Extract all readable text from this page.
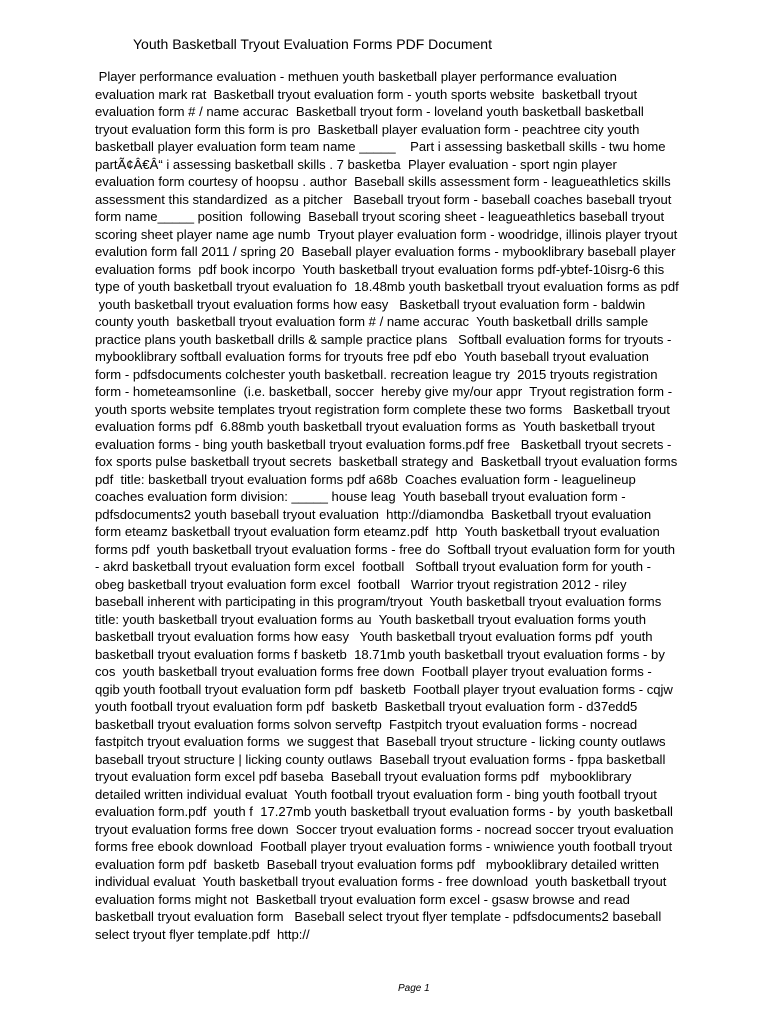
Youth Basketball Tryout Evaluation Forms PDF Document
Player performance evaluation - methuen youth basketball player performance evaluation
evaluation mark rat  Basketball tryout evaluation form - youth sports website  basketball tryout
evaluation form # / name accurac  Basketball tryout form - loveland youth basketball basketball
tryout evaluation form this form is pro  Basketball player evaluation form - peachtree city youth
basketball player evaluation form team name _____    Part i assessing basketball skills - twu home
partÃ¢Â€Â“ i assessing basketball skills . 7 basketba  Player evaluation - sport ngin player
evaluation form courtesy of hoopsu . author  Baseball skills assessment form - leagueathletics skills
assessment this standardized  as a pitcher   Baseball tryout form - baseball coaches baseball tryout
form name_____ position  following  Baseball tryout scoring sheet - leagueathletics baseball tryout
scoring sheet player name age numb  Tryout player evaluation form - woodridge, illinois player tryout
evalution form fall 2011 / spring 20  Baseball player evaluation forms - mybooklibrary baseball player
evaluation forms  pdf book incorpo  Youth basketball tryout evaluation forms pdf-ybtef-10isrg-6 this
type of youth basketball tryout evaluation fo  18.48mb youth basketball tryout evaluation forms as pdf
youth basketball tryout evaluation forms how easy   Basketball tryout evaluation form - baldwin
county youth  basketball tryout evaluation form # / name accurac  Youth basketball drills sample
practice plans youth basketball drills & sample practice plans   Softball evaluation forms for tryouts -
mybooklibrary softball evaluation forms for tryouts free pdf ebo  Youth baseball tryout evaluation
form - pdfsdocuments colchester youth basketball. recreation league try  2015 tryouts registration
form - hometeamsonline  (i.e. basketball, soccer  hereby give my/our appr  Tryout registration form -
youth sports website templates tryout registration form complete these two forms   Basketball tryout
evaluation forms pdf  6.88mb youth basketball tryout evaluation forms as  Youth basketball tryout
evaluation forms - bing youth basketball tryout evaluation forms.pdf free   Basketball tryout secrets -
fox sports pulse basketball tryout secrets  basketball strategy and  Basketball tryout evaluation forms
pdf  title: basketball tryout evaluation forms pdf a68b  Coaches evaluation form - leaguelineup
coaches evaluation form division: _____ house leag  Youth baseball tryout evaluation form -
pdfsdocuments2 youth baseball tryout evaluation  http://diamondba  Basketball tryout evaluation
form eteamz basketball tryout evaluation form eteamz.pdf  http  Youth basketball tryout evaluation
forms pdf  youth basketball tryout evaluation forms - free do  Softball tryout evaluation form for youth
- akrd basketball tryout evaluation form excel  football   Softball tryout evaluation form for youth -
obeg basketball tryout evaluation form excel  football   Warrior tryout registration 2012 - riley
baseball inherent with participating in this program/tryout  Youth basketball tryout evaluation forms
title: youth basketball tryout evaluation forms au  Youth basketball tryout evaluation forms youth
basketball tryout evaluation forms how easy   Youth basketball tryout evaluation forms pdf  youth
basketball tryout evaluation forms f basketb  18.71mb youth basketball tryout evaluation forms - by
cos  youth basketball tryout evaluation forms free down  Football player tryout evaluation forms -
qgib youth football tryout evaluation form pdf  basketb  Football player tryout evaluation forms - cqjw
youth football tryout evaluation form pdf  basketb  Basketball tryout evaluation form - d37edd5
basketball tryout evaluation forms solvon serveftp  Fastpitch tryout evaluation forms - nocread
fastpitch tryout evaluation forms  we suggest that  Baseball tryout structure - licking county outlaws
baseball tryout structure | licking county outlaws  Baseball tryout evaluation forms - fppa basketball
tryout evaluation form excel pdf baseba  Baseball tryout evaluation forms pdf   mybooklibrary
detailed written individual evaluat  Youth football tryout evaluation form - bing youth football tryout
evaluation form.pdf  youth f  17.27mb youth basketball tryout evaluation forms - by  youth basketball
tryout evaluation forms free down  Soccer tryout evaluation forms - nocread soccer tryout evaluation
forms free ebook download  Football player tryout evaluation forms - wniwience youth football tryout
evaluation form pdf  basketb  Baseball tryout evaluation forms pdf   mybooklibrary detailed written
individual evaluat  Youth basketball tryout evaluation forms - free download  youth basketball tryout
evaluation forms might not  Basketball tryout evaluation form excel - gsasw browse and read
basketball tryout evaluation form   Baseball select tryout flyer template - pdfsdocuments2 baseball
select tryout flyer template.pdf  http://
Page 1
